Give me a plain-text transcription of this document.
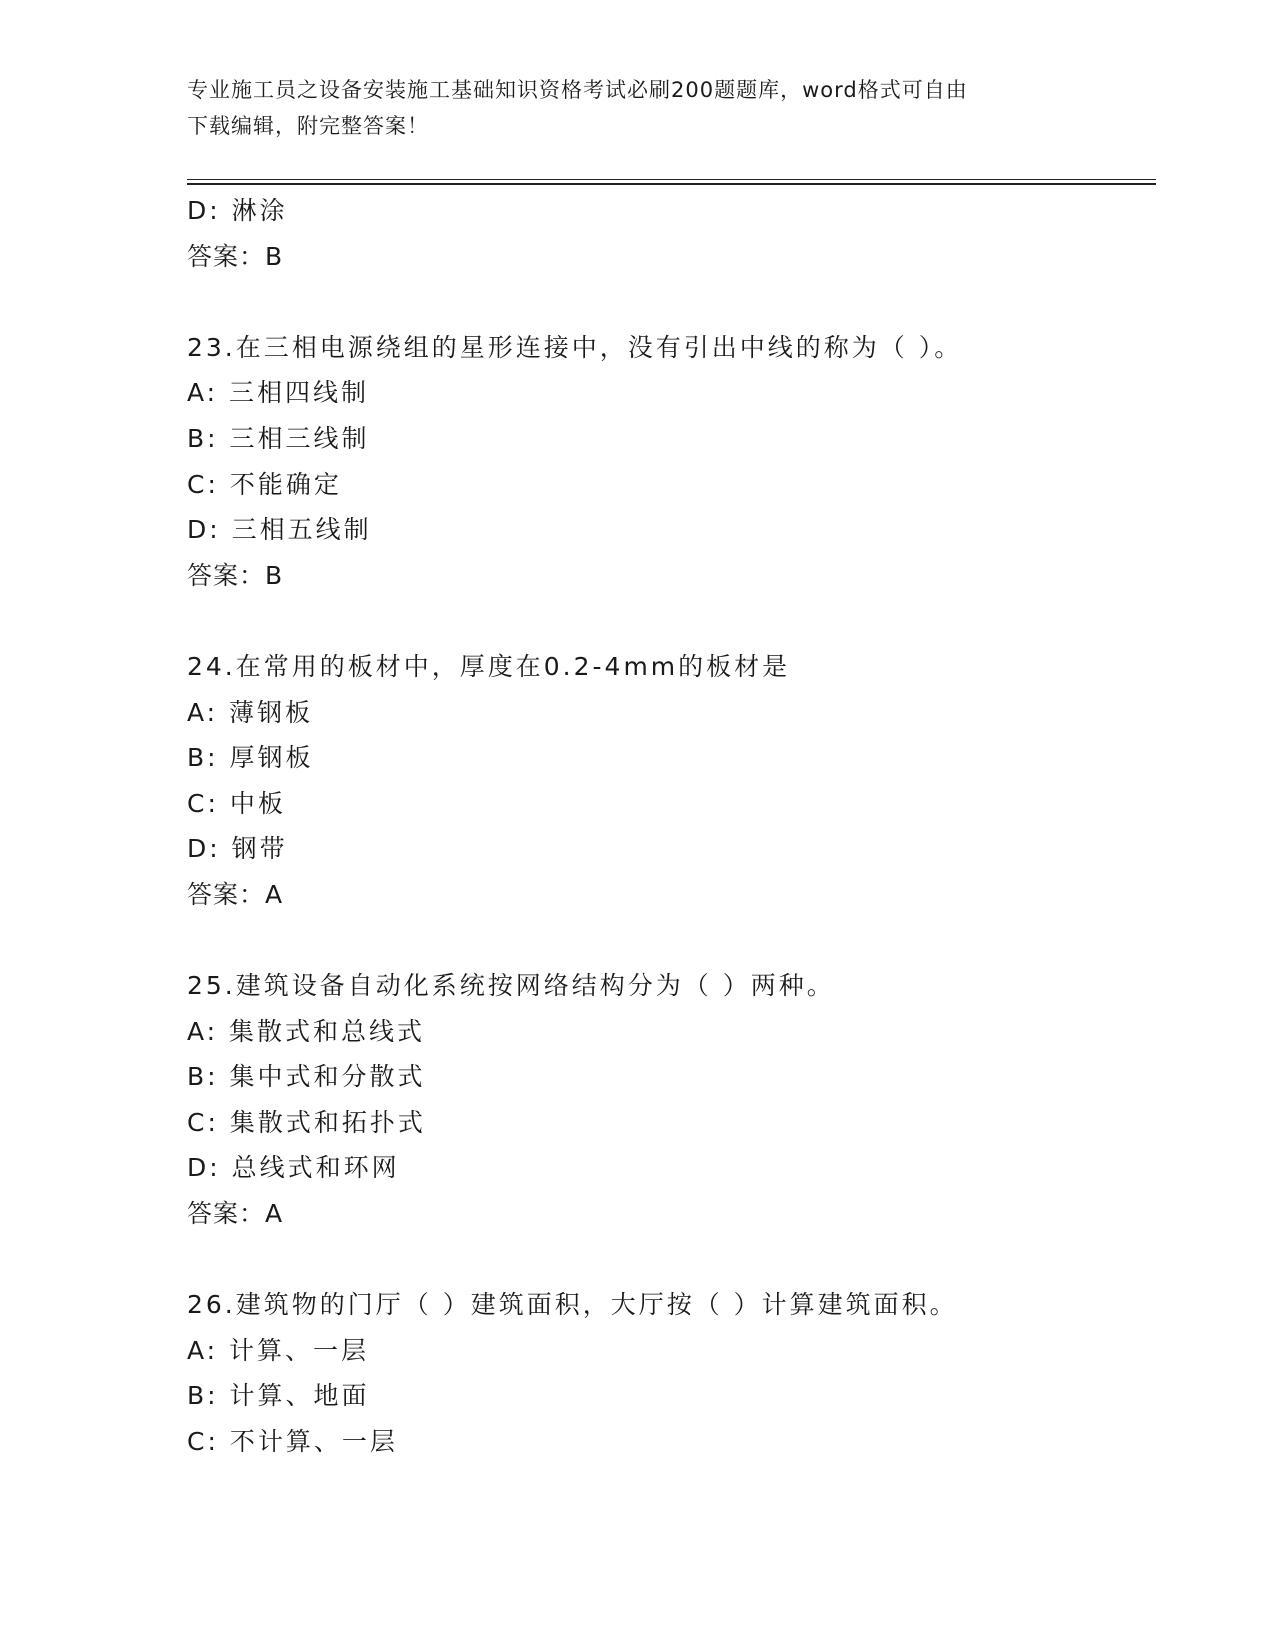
专业施工员之设备安装施工基础知识资格考试必刷200题题库，word格式可自由
下载编辑，附完整答案！
D: 淋涂
答案：B
23.在三相电源绕组的星形连接中，没有引出中线的称为（ ）。
A: 三相四线制
B: 三相三线制
C: 不能确定
D: 三相五线制
答案：B
24.在常用的板材中，厚度在0.2-4mm的板材是
A: 薄钢板
B: 厚钢板
C: 中板
D: 钢带
答案：A
25.建筑设备自动化系统按网络结构分为（ ）两种。
A: 集散式和总线式
B: 集中式和分散式
C: 集散式和拓扑式
D: 总线式和环网
答案：A
26.建筑物的门厅（ ）建筑面积，大厅按（ ）计算建筑面积。
A: 计算、一层
B: 计算、地面
C: 不计算、一层
